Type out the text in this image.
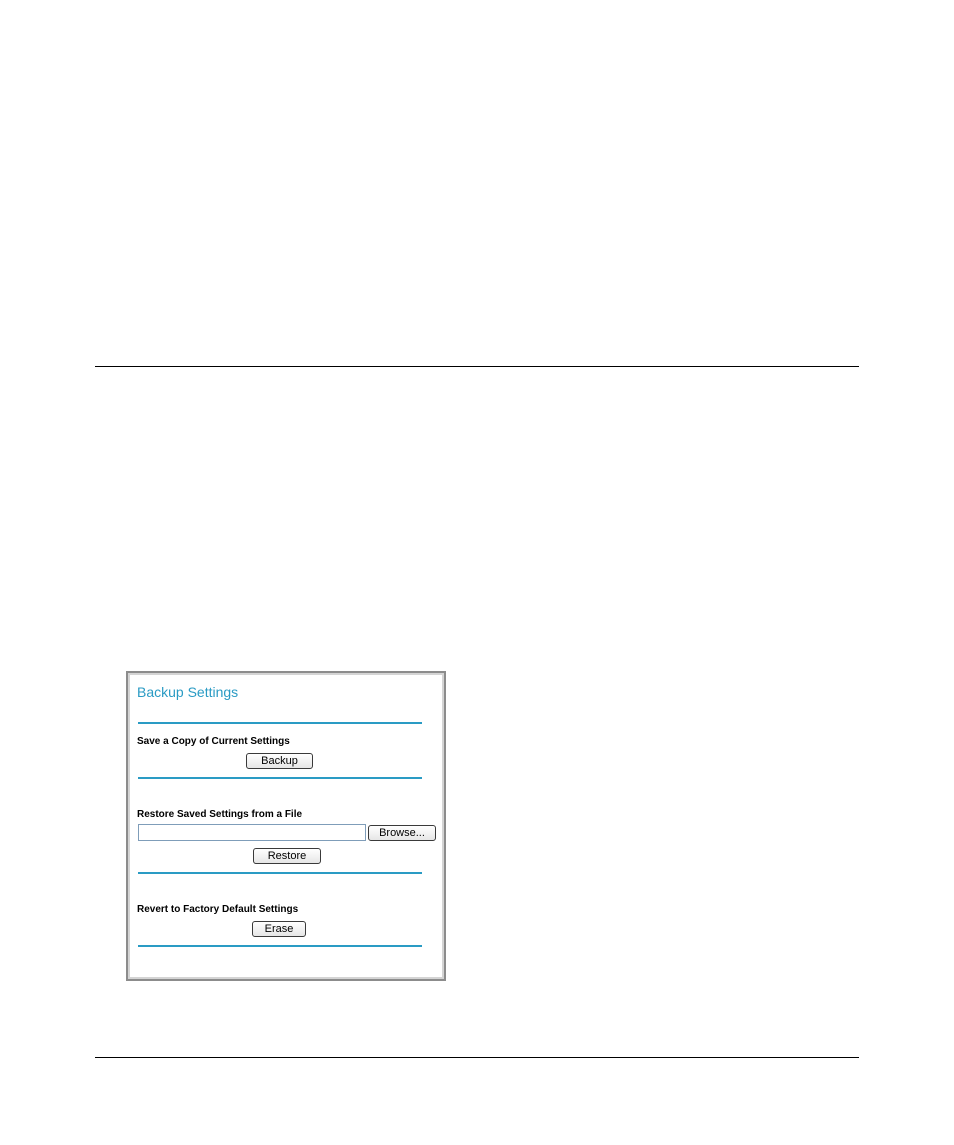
Backup Settings
Save a Copy of Current Settings
Backup
Restore Saved Settings from a File
Browse...
Restore
Revert to Factory Default Settings
Erase
